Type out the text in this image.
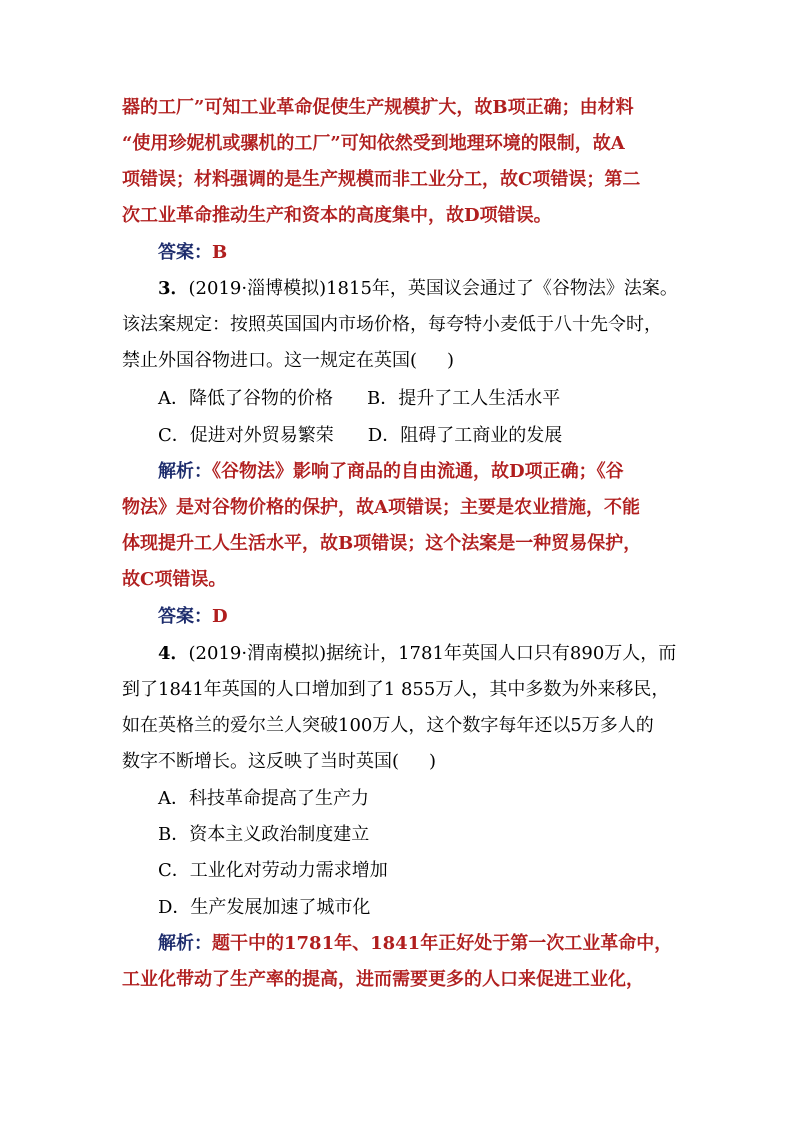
器的工厂”可知工业革命促使生产规模扩大，故B项正确；由材料
“使用珍妮机或骡机的工厂”可知依然受到地理环境的限制，故A
项错误；材料强调的是生产规模而非工业分工，故C项错误；第二
次工业革命推动生产和资本的高度集中，故D项错误。
答案：B
3．(2019·淄博模拟)1815年，英国议会通过了《谷物法》法案。
该法案规定：按照英国国内市场价格，每夸特小麦低于八十先令时，
禁止外国谷物进口。这一规定在英国( )
A．降低了谷物的价格 B．提升了工人生活水平
C．促进对外贸易繁荣 D．阻碍了工商业的发展
解析：《谷物法》影响了商品的自由流通，故D项正确；《谷
物法》是对谷物价格的保护，故A项错误；主要是农业措施，不能
体现提升工人生活水平，故B项错误；这个法案是一种贸易保护，
故C项错误。
答案：D
4．(2019·渭南模拟)据统计，1781年英国人口只有890万人，而
到了1841年英国的人口增加到了1 855万人，其中多数为外来移民，
如在英格兰的爱尔兰人突破100万人，这个数字每年还以5万多人的
数字不断增长。这反映了当时英国( )
A．科技革命提高了生产力
B．资本主义政治制度建立
C．工业化对劳动力需求增加
D．生产发展加速了城市化
解析：题干中的1781年、1841年正好处于第一次工业革命中，
工业化带动了生产率的提高，进而需要更多的人口来促进工业化，
